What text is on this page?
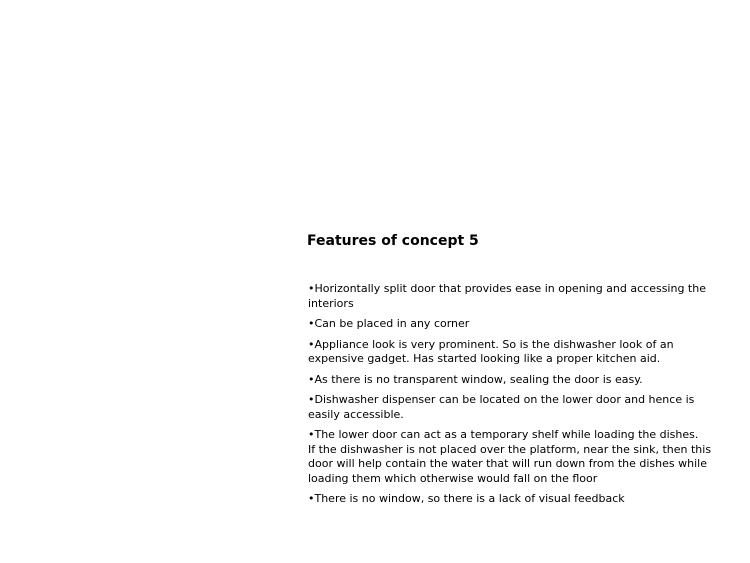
Features of concept 5
•Horizontally split door that provides ease in opening and accessing the interiors
•Can be placed in any corner
•Appliance look is very prominent. So is the dishwasher look of an expensive gadget. Has started looking like a proper kitchen aid.
•As there is no transparent window, sealing the door is easy.
•Dishwasher dispenser can be located on the lower door and hence is easily accessible.
•The lower door can act as a temporary shelf while loading the dishes.
If the dishwasher is not placed over the platform, near the sink, then this door will help contain the water that will run down from the dishes while loading them which otherwise would fall on the floor
•There is no window, so there is a lack of visual feedback
